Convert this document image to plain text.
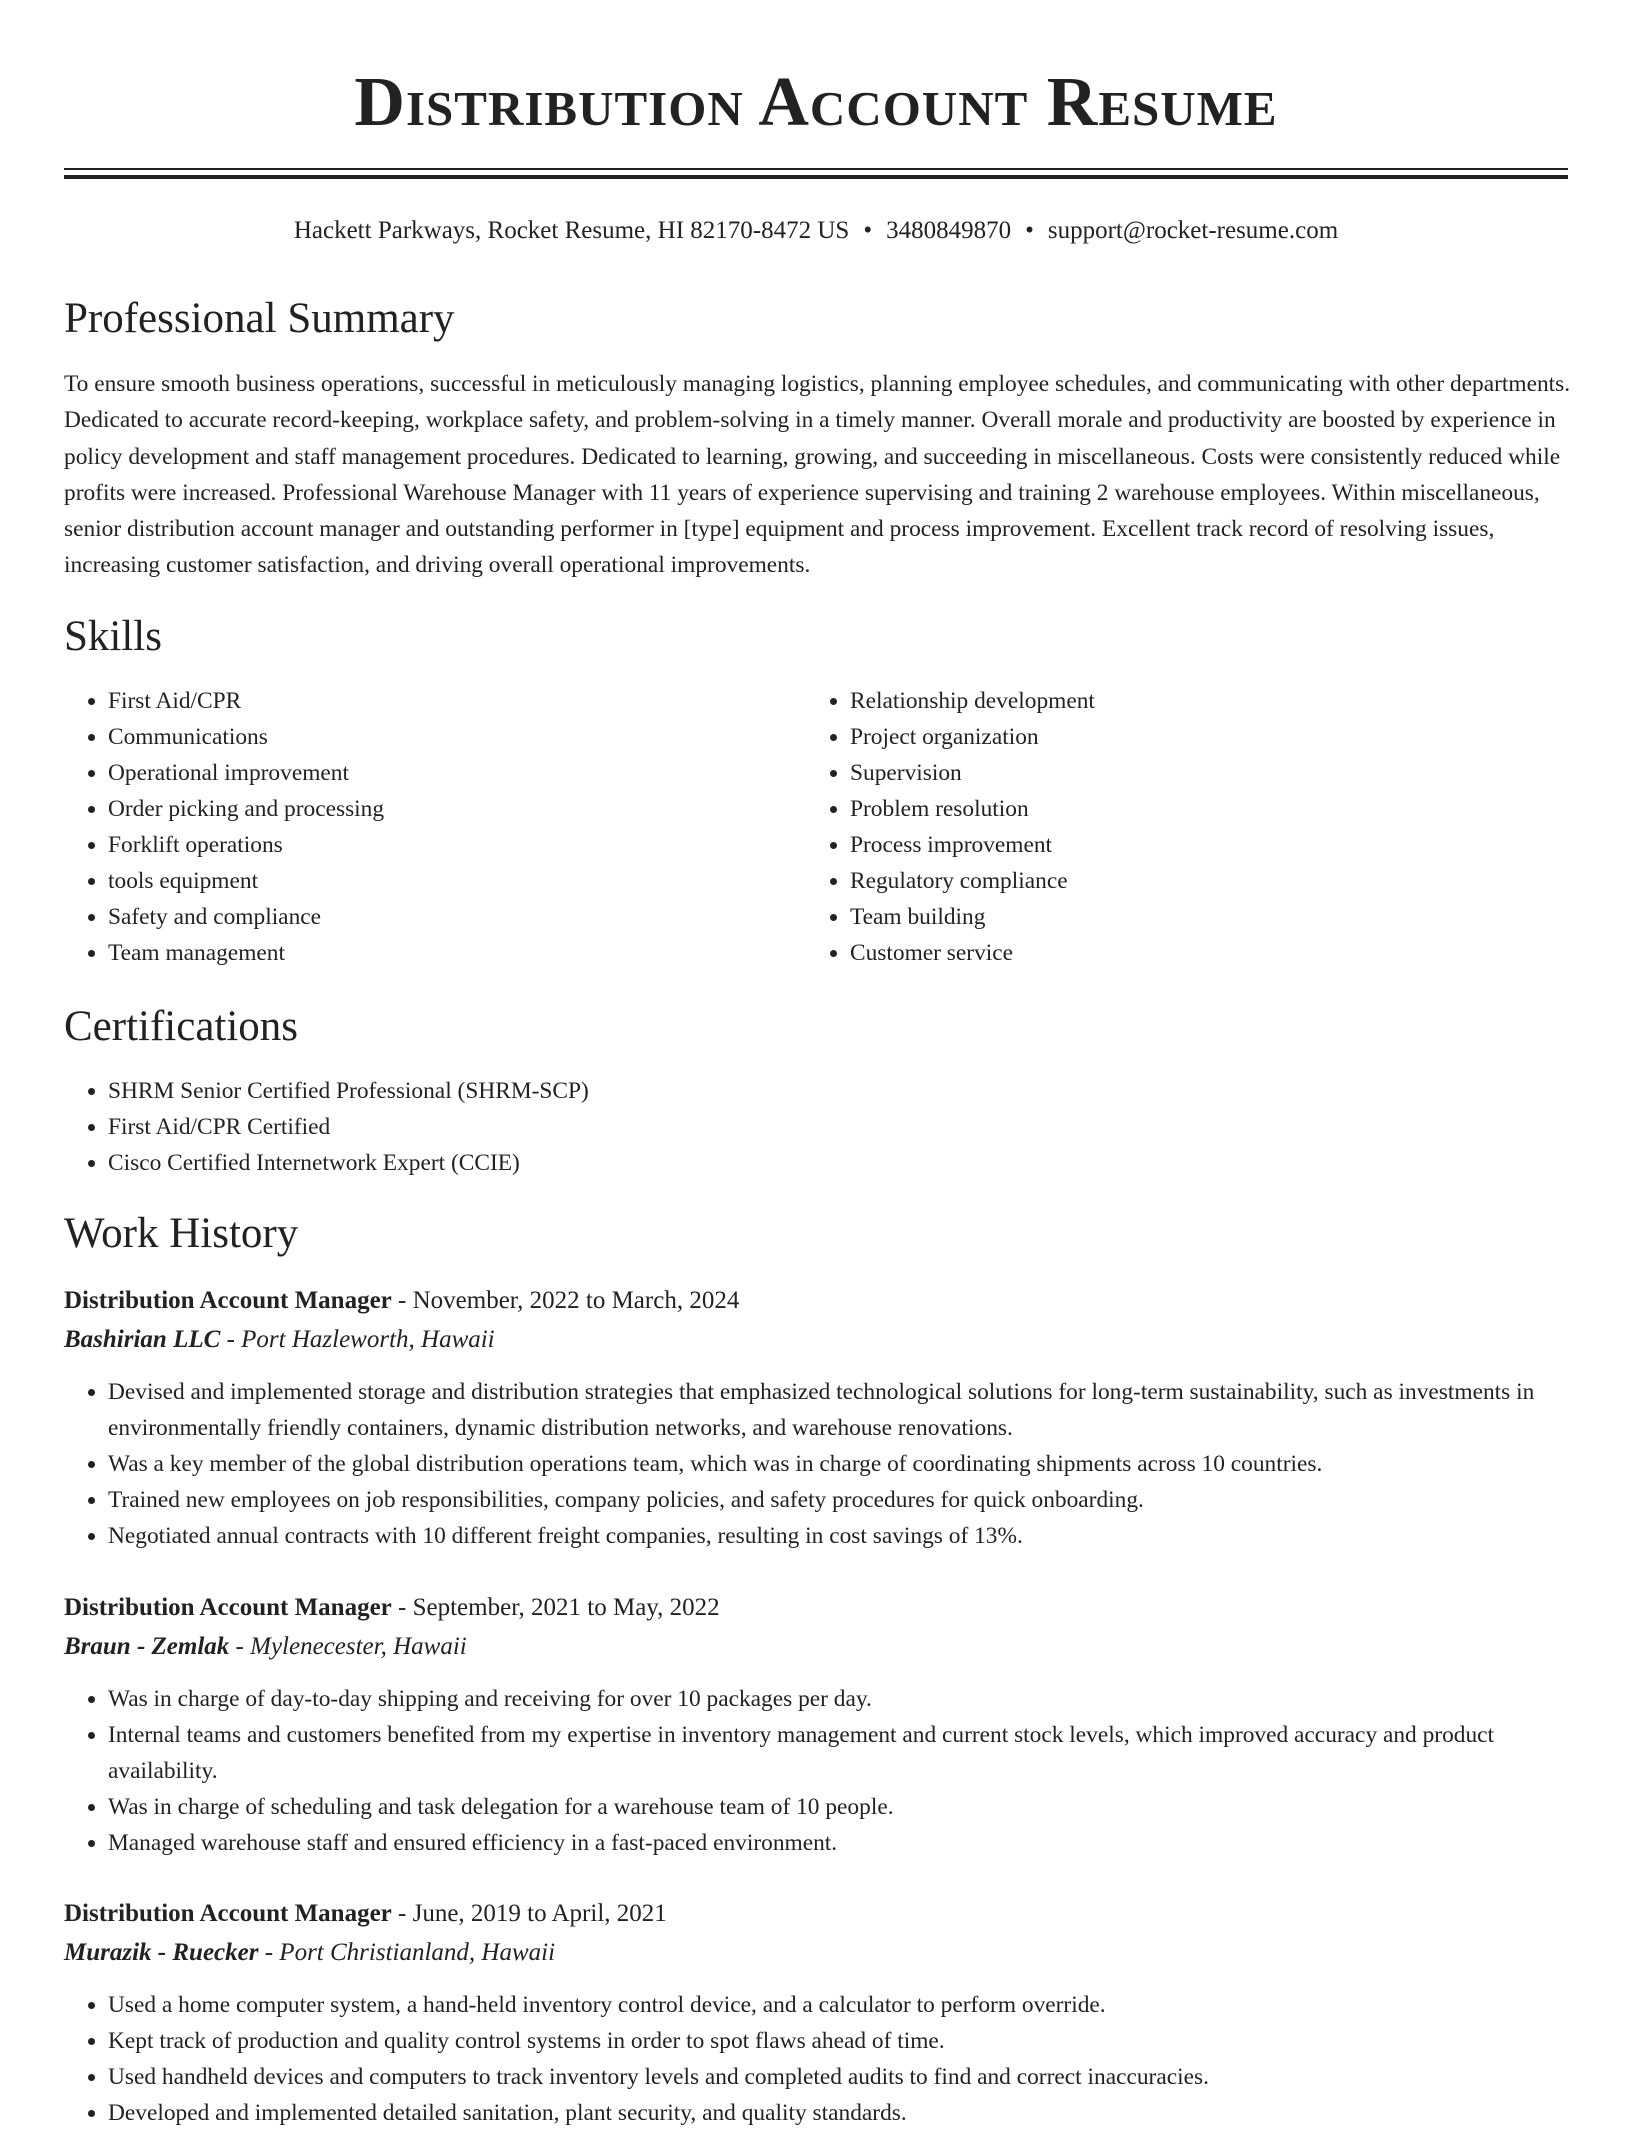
Distribution Account Resume
Hackett Parkways, Rocket Resume, HI 82170-8472 US • 3480849870 • support@rocket-resume.com
Professional Summary

To ensure smooth business operations, successful in meticulously managing logistics, planning employee schedules, and communicating with other departments. Dedicated to accurate record-keeping, workplace safety, and problem-solving in a timely manner. Overall morale and productivity are boosted by experience in policy development and staff management procedures. Dedicated to learning, growing, and succeeding in miscellaneous. Costs were consistently reduced while profits were increased. Professional Warehouse Manager with 11 years of experience supervising and training 2 warehouse employees. Within miscellaneous, senior distribution account manager and outstanding performer in [type] equipment and process improvement. Excellent track record of resolving issues, increasing customer satisfaction, and driving overall operational improvements.

Skills
• First Aid/CPR
• Communications
• Operational improvement
• Order picking and processing
• Forklift operations
• tools equipment
• Safety and compliance
• Team management
• Relationship development
• Project organization
• Supervision
• Problem resolution
• Process improvement
• Regulatory compliance
• Team building
• Customer service
Certifications
• SHRM Senior Certified Professional (SHRM-SCP)
• First Aid/CPR Certified
• Cisco Certified Internetwork Expert (CCIE)
Work History
Distribution Account Manager - November, 2022 to March, 2024
Bashirian LLC - Port Hazleworth, Hawaii
• Devised and implemented storage and distribution strategies that emphasized technological solutions for long-term sustainability, such as investments in environmentally friendly containers, dynamic distribution networks, and warehouse renovations.
• Was a key member of the global distribution operations team, which was in charge of coordinating shipments across 10 countries.
• Trained new employees on job responsibilities, company policies, and safety procedures for quick onboarding.
• Negotiated annual contracts with 10 different freight companies, resulting in cost savings of 13%.
Distribution Account Manager - September, 2021 to May, 2022
Braun - Zemlak - Mylenecester, Hawaii
• Was in charge of day-to-day shipping and receiving for over 10 packages per day.
• Internal teams and customers benefited from my expertise in inventory management and current stock levels, which improved accuracy and product availability.
• Was in charge of scheduling and task delegation for a warehouse team of 10 people.
• Managed warehouse staff and ensured efficiency in a fast-paced environment.
Distribution Account Manager - June, 2019 to April, 2021
Murazik - Ruecker - Port Christianland, Hawaii
• Used a home computer system, a hand-held inventory control device, and a calculator to perform override.
• Kept track of production and quality control systems in order to spot flaws ahead of time.
• Used handheld devices and computers to track inventory levels and completed audits to find and correct inaccuracies.
• Developed and implemented detailed sanitation, plant security, and quality standards.
